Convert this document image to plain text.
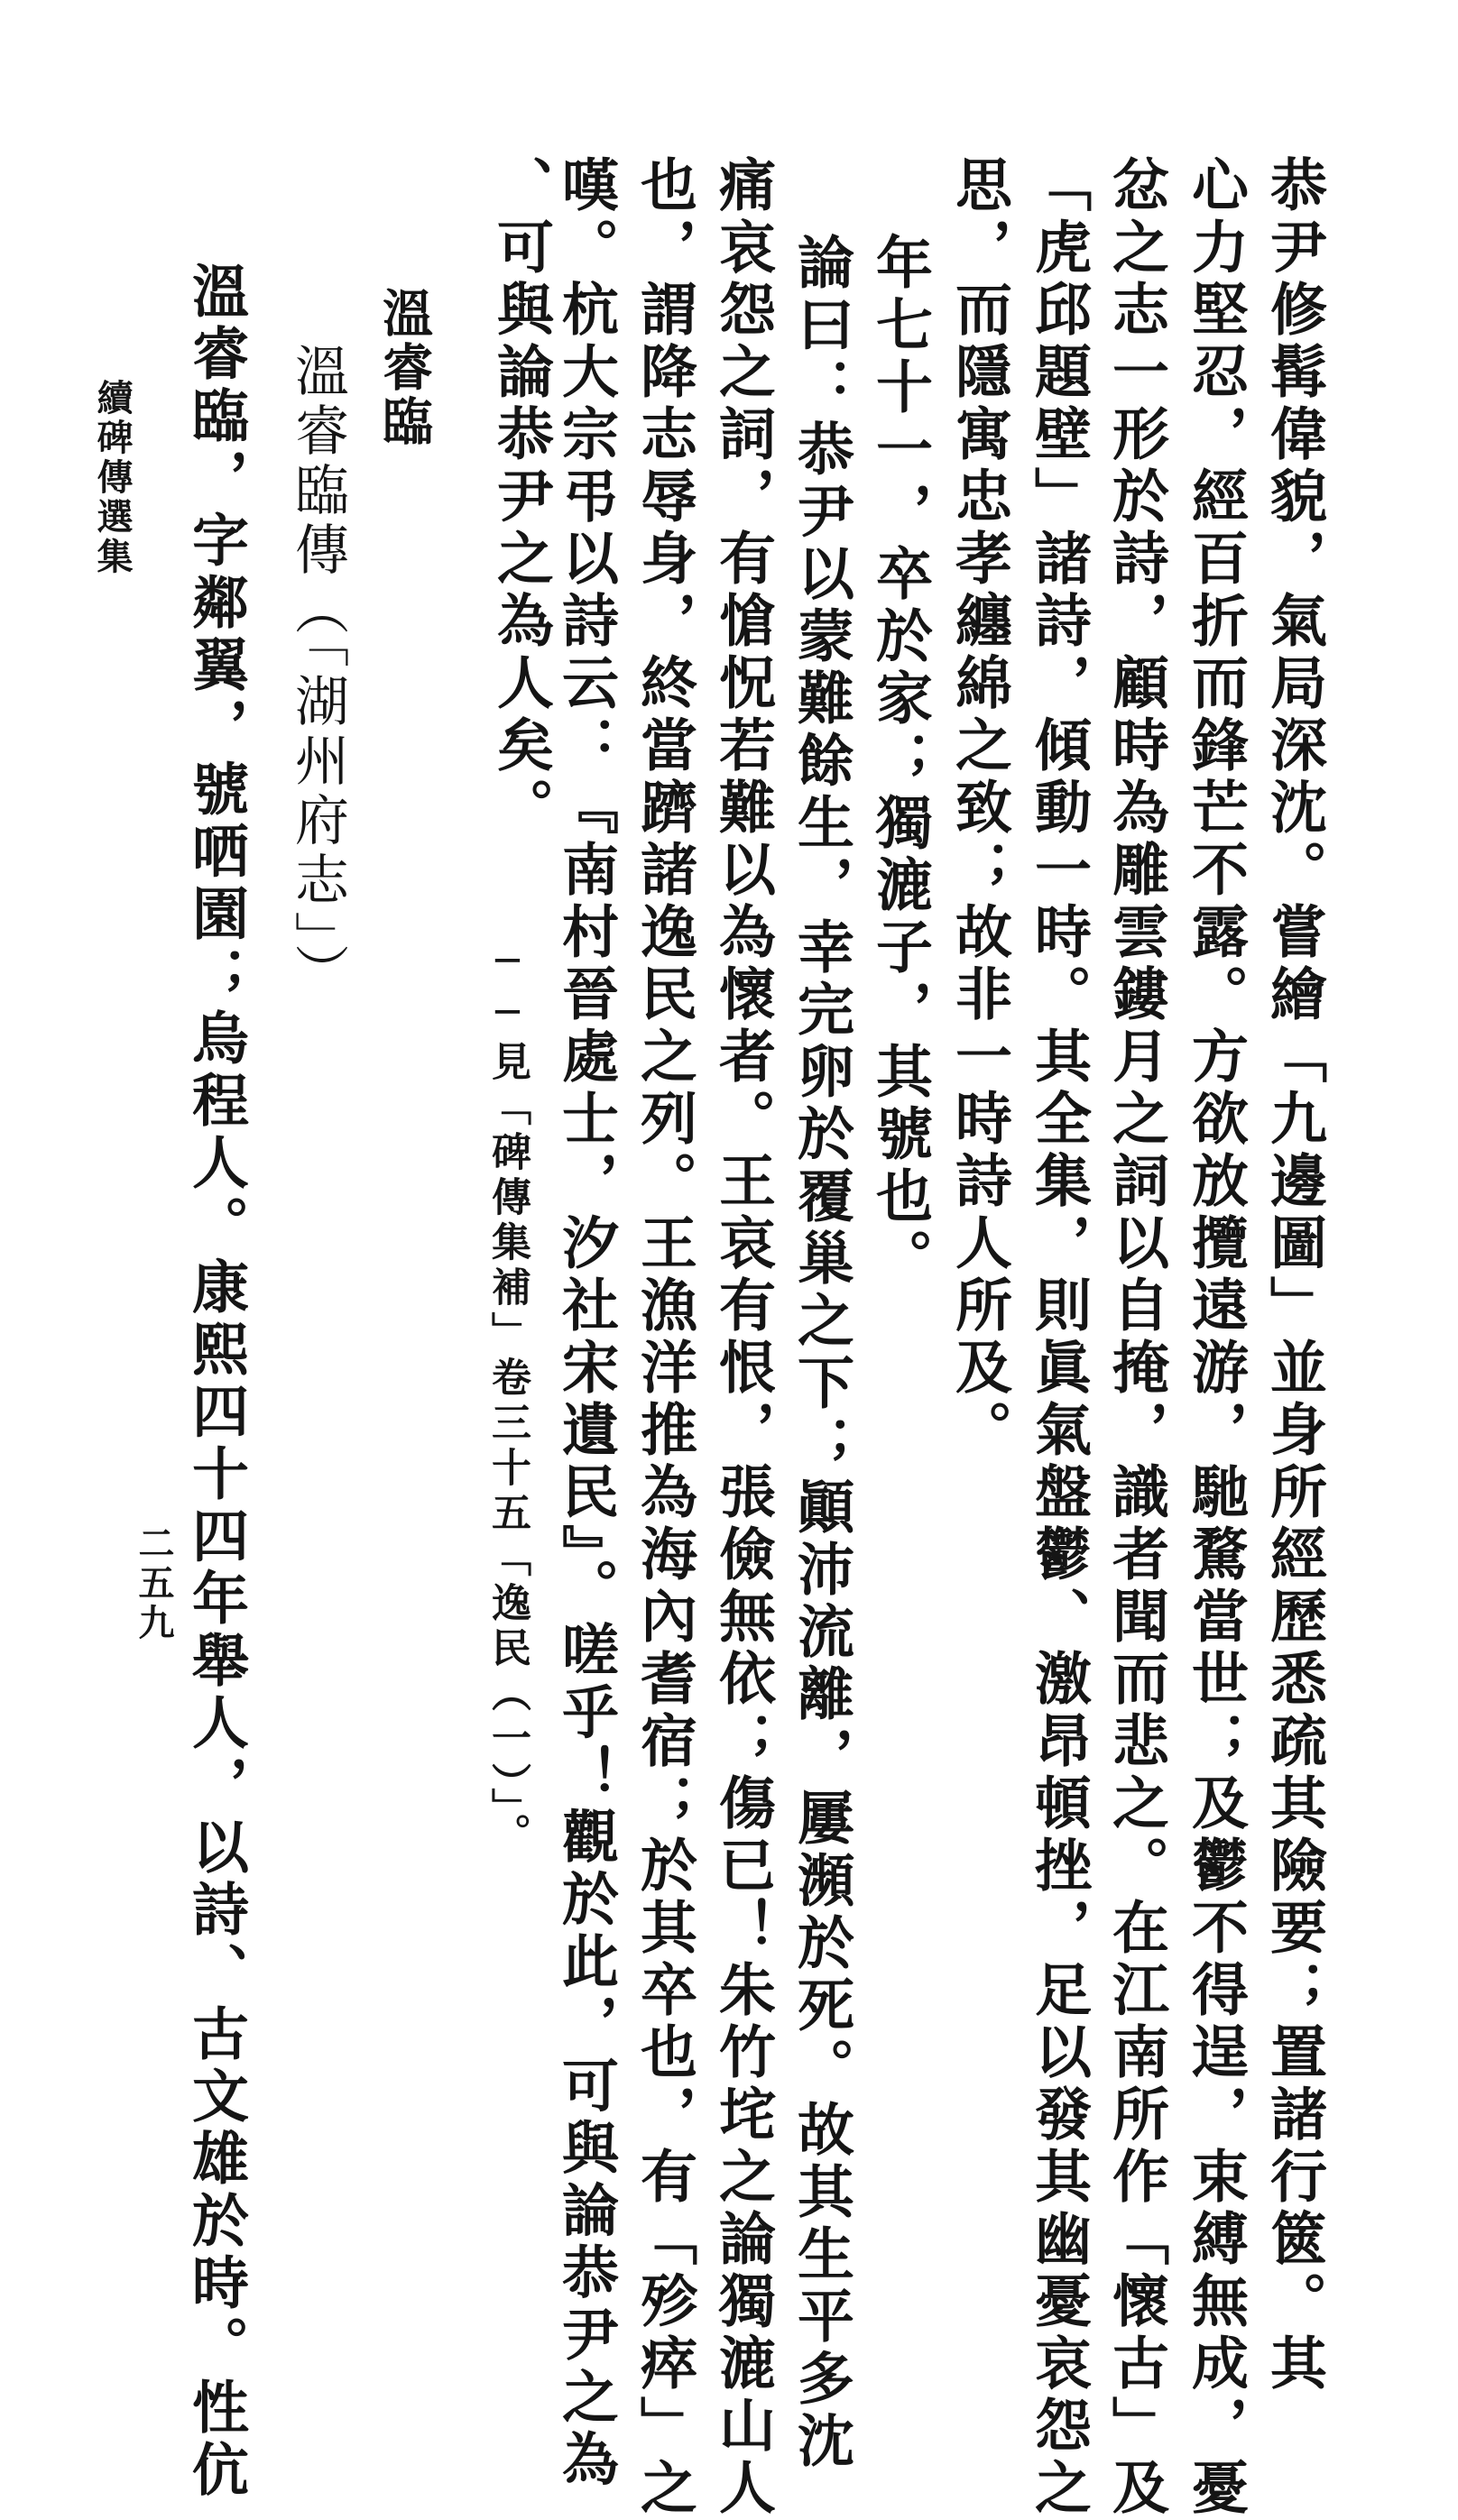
恭尹修髯偉貌，氣局深沈。嘗繪「九邊圖」並身所經歷悉疏其險要；置諸行篋。其
心力堅忍，經百折而鋒芒不露。方欲放攬遠游，馳騖當世；及鬱不得逞，束縛無成，憂
忿之志一形於詩，顧時為雕雲鏤月之詞以自掩，識者聞而悲之。在江南所作「懷古」及
「虎邱題壁」諸詩，傾動一時。其全集，則眞氣盤鬱、激昂頓挫，足以發其幽憂哀怨之
思，而隱寓忠孝纏綿之致；故非一時詩人所及。
年七十一，卒於家；獨漉子，其號也。
論曰：恭尹以蒙難餘生，幸完卵於覆巢之下；顚沛流離，屢瀕於死。故其生平多沈
痛哀怨之詞，有愴怳若難以為懷者。王哀有恨，張儉無依；傷已！朱竹垞之論獨漉山人
也，謂降志辱身，終當躋諸逸民之列。王漁洋推為海內耆宿；於其卒也，有「殄瘁」之
嘆。杭大宗弔以詩云：『南村晉處士，汐社宋遺民』。嗟乎！觀於此，可與論恭尹之為
、可與論恭尹之為人矣。
──見「碑傳集補」卷三十五「逸民（一）」。
溫睿臨
溫睿臨傳（「湖州府志」）
溫睿臨，字鄰翼，號哂園；烏程人。康熙四十四年舉人，以詩、古文雄於時。性伉
續碑傳選集
二五九
